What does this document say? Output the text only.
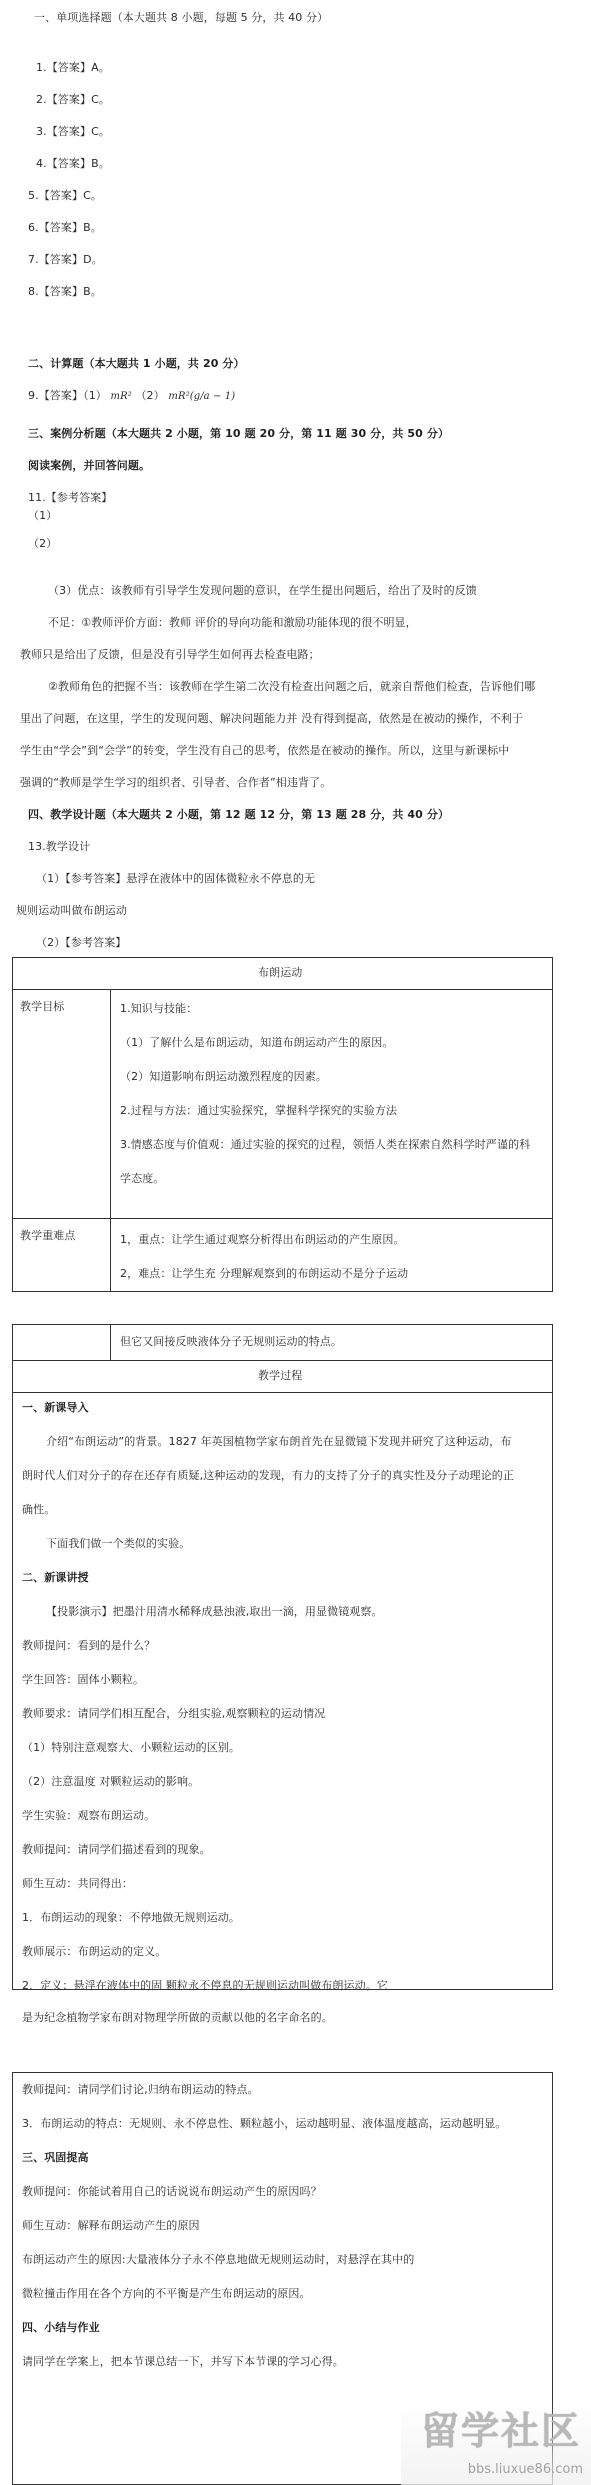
一、单项选择题（本大题共 8 小题，每题 5 分，共 40 分）
1.【答案】A。
2.【答案】C。
3.【答案】C。
4.【答案】B。
5.【答案】C。
6.【答案】B。
7.【答案】D。
8.【答案】B。
二、计算题（本大题共 1 小题，共 20 分）
9.【答案】（1） mR² （2） mR²(g/a − 1)
三、案例分析题（本大题共 2 小题，第 10 题 20 分，第 11 题 30 分，共 50 分）
阅读案例，并回答问题。
11.【参考答案】
（1）
（2）
（3）优点：该教师有引导学生发现问题的意识，在学生提出问题后，给出了及时的反馈
不足：①教师评价方面：教师 评价的导向功能和激励功能体现的很不明显，
教师只是给出了反馈，但是没有引导学生如何再去检查电路；
②教师角色的把握不当：该教师在学生第二次没有检查出问题之后，就亲自帮他们检查，告诉他们哪
里出了问题，在这里，学生的发现问题、解决问题能力并 没有得到提高，依然是在被动的操作，不利于
学生由“学会”到“会学”的转变，学生没有自己的思考，依然是在被动的操作。所以，这里与新课标中
强调的“教师是学生学习的组织者、引导者、合作者”相违背了。
四、教学设计题（本大题共 2 小题，第 12 题 12 分，第 13 题 28 分，共 40 分）
13.教学设计
（1）【参考答案】悬浮在液体中的固体微粒永不停息的无
规则运动叫做布朗运动
（2）【参考答案】
布朗运动
教学目标	1.知识与技能：
（1）了解什么是布朗运动，知道布朗运动产生的原因。
（2）知道影响布朗运动激烈程度的因素。
2.过程与方法：通过实验探究，掌握科学探究的实验方法
3.情感态度与价值观：通过实验的探究的过程，领悟人类在探索自然科学时严谨的科
学态度。
教学重难点	1，重点：让学生通过观察分析得出布朗运动的产生原因。
2，难点：让学生充 分理解观察到的布朗运动不是分子运动
但它又间接反映液体分子无规则运动的特点。
教学过程
一、新课导入
介绍“布朗运动”的背景。1827 年英国植物学家布朗首先在显微镜下发现并研究了这种运动，布
朗时代人们对分子的存在还存有质疑,这种运动的发现，有力的支持了分子的真实性及分子动理论的正
确性。
下面我们做一个类似的实验。
二、新课讲授
【投影演示】把墨汁用清水稀释成悬浊液,取出一滴，用显微镜观察。
教师提问：看到的是什么？
学生回答：固体小颗粒。
教师要求：请同学们相互配合，分组实验,观察颗粒的运动情况
（1）特别注意观察大、小颗粒运动的区别。
（2）注意温度 对颗粒运动的影响。
学生实验：观察布朗运动。
教师提问：请同学们描述看到的现象。
师生互动：共同得出：
1．布朗运动的现象：不停地做无规则运动。
教师展示：布朗运动的定义。
2．定义：悬浮在液体中的固 颗粒永不停息的无规则运动叫做布朗运动。它
是为纪念植物学家布朗对物理学所做的贡献以他的名字命名的。
教师提问：请同学们讨论,归纳布朗运动的特点。
3．布朗运动的特点：无规则、永不停息性、颗粒越小，运动越明显、液体温度越高，运动越明显。
三、巩固提高
教师提问：你能试着用自己的话说说布朗运动产生的原因吗？
师生互动：解释布朗运动产生的原因
布朗运动产生的原因:大量液体分子永不停息地做无规则运动时，对悬浮在其中的
微粒撞击作用在各个方向的不平衡是产生布朗运动的原因。
四、小结与作业
请同学在学案上，把本节课总结一下，并写下本节课的学习心得。
留学社区
bbs.liuxue86.com
